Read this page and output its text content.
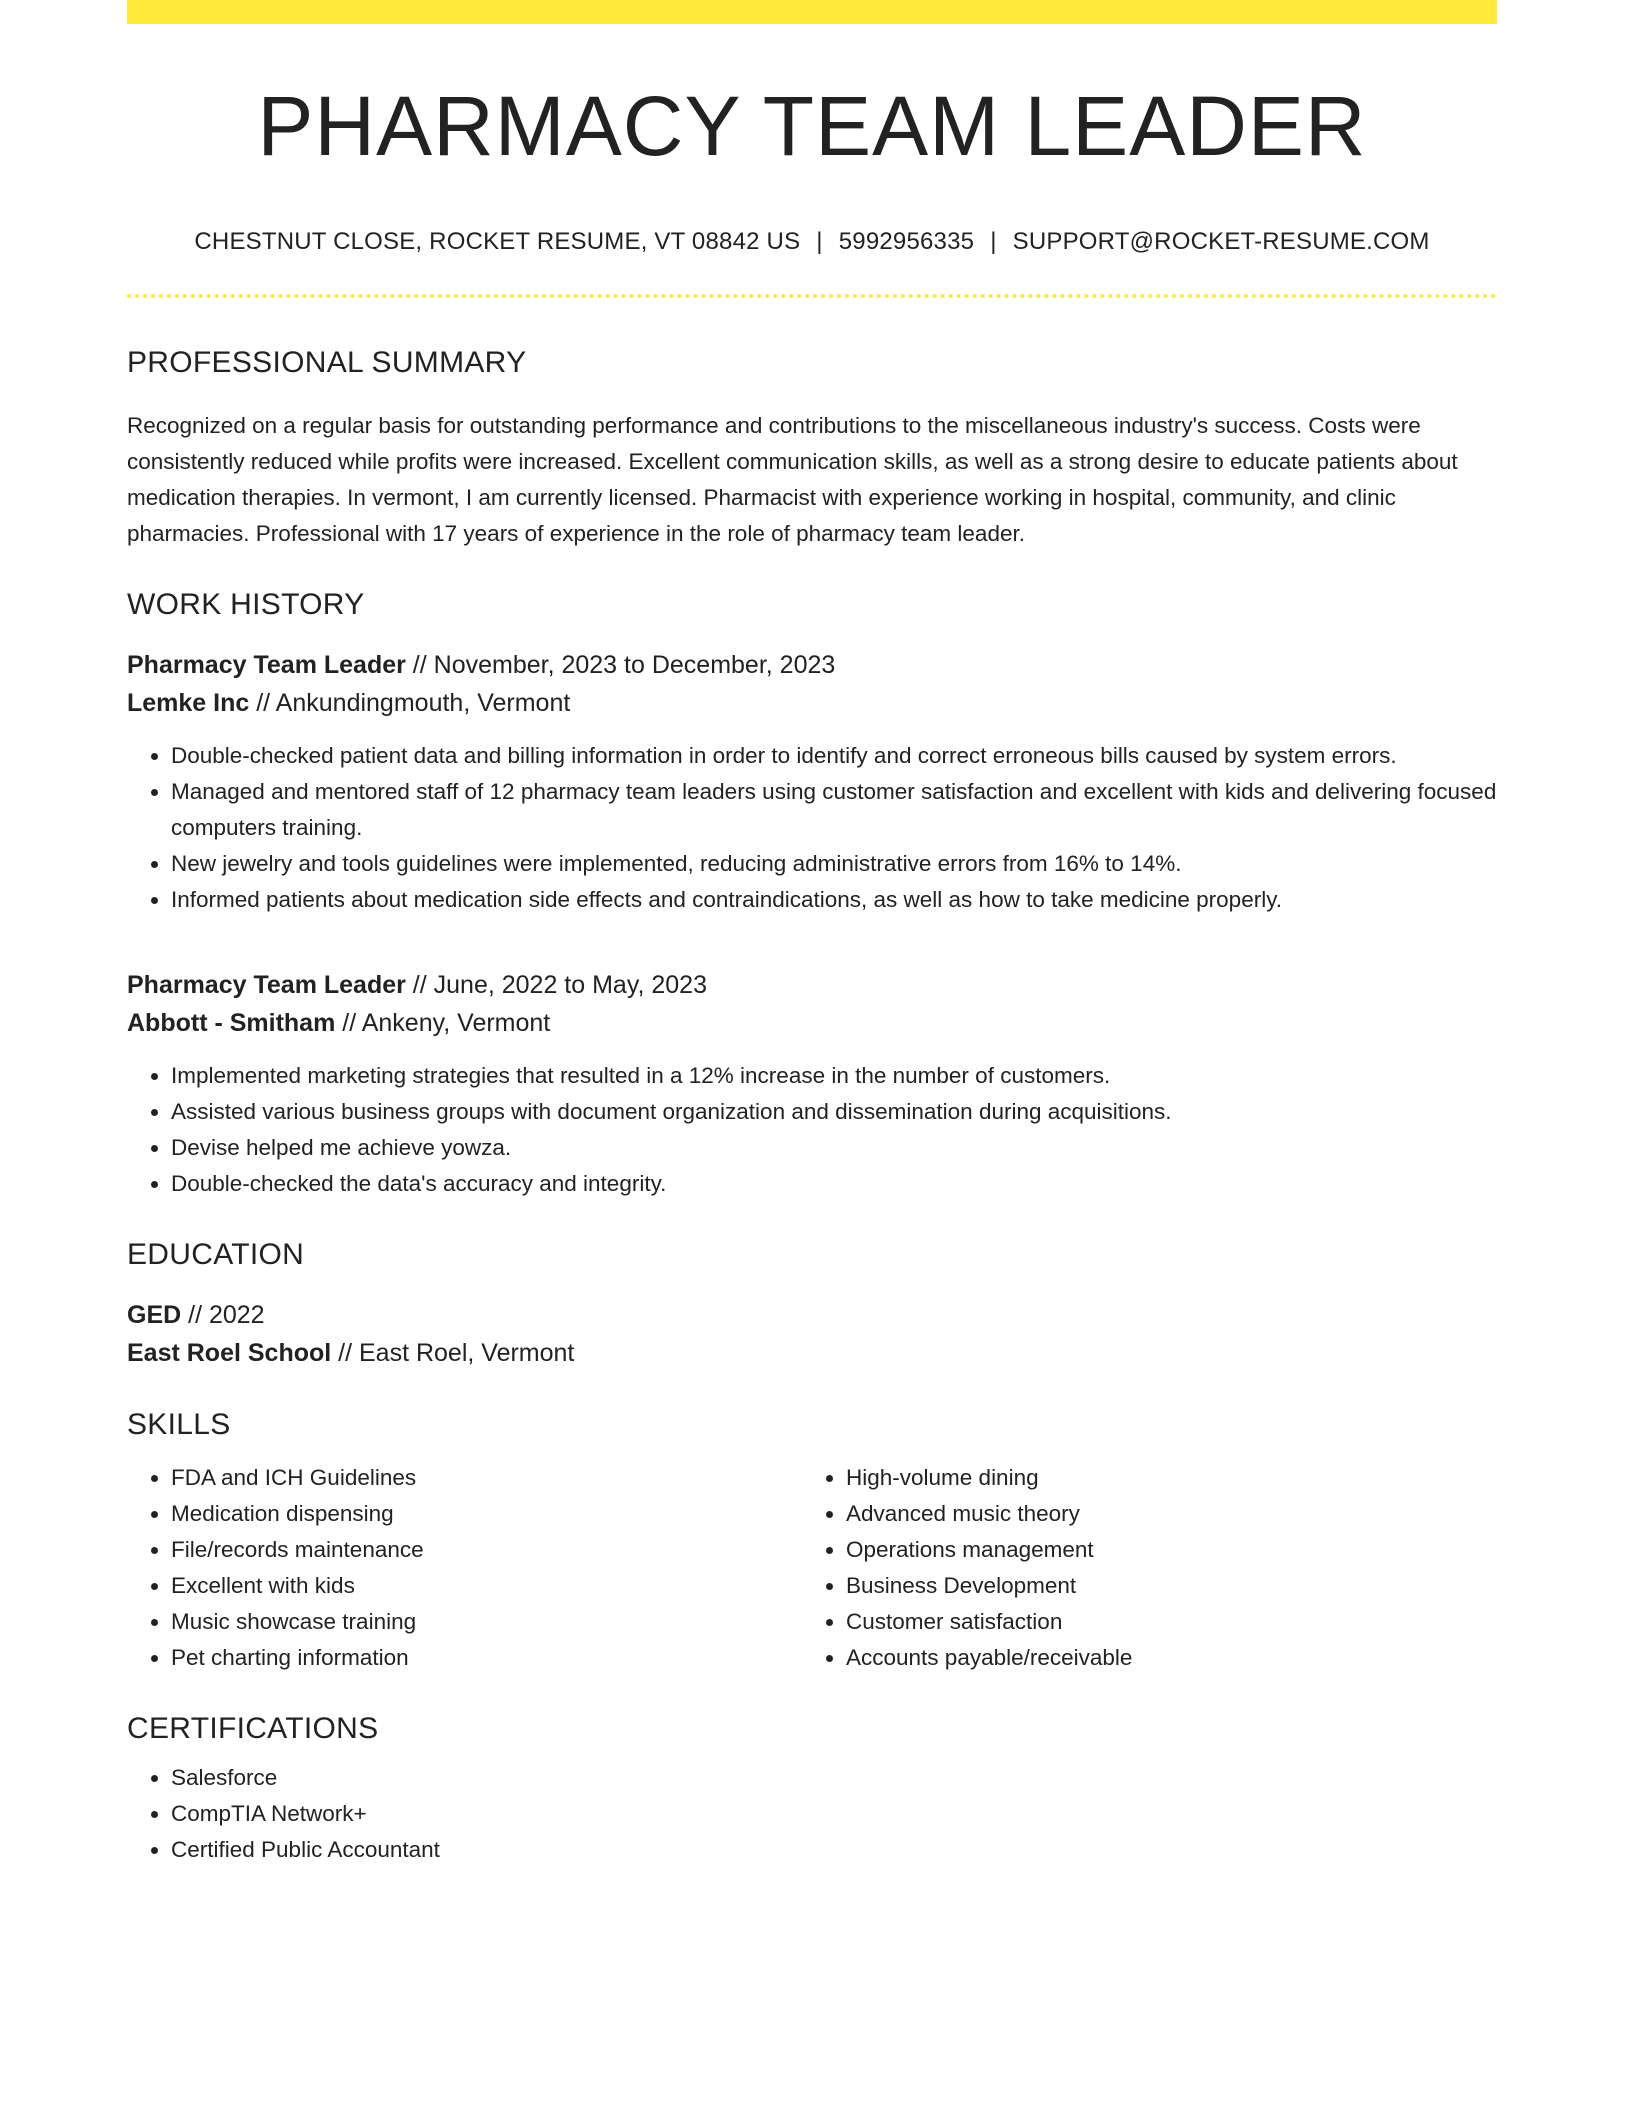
PHARMACY TEAM LEADER
CHESTNUT CLOSE, ROCKET RESUME, VT 08842 US | 5992956335 | SUPPORT@ROCKET-RESUME.COM
PROFESSIONAL SUMMARY

Recognized on a regular basis for outstanding performance and contributions to the miscellaneous industry's success. Costs were consistently reduced while profits were increased. Excellent communication skills, as well as a strong desire to educate patients about medication therapies. In vermont, I am currently licensed. Pharmacist with experience working in hospital, community, and clinic pharmacies. Professional with 17 years of experience in the role of pharmacy team leader.

WORK HISTORY
Pharmacy Team Leader // November, 2023 to December, 2023
Lemke Inc // Ankundingmouth, Vermont
• Double-checked patient data and billing information in order to identify and correct erroneous bills caused by system errors.
• Managed and mentored staff of 12 pharmacy team leaders using customer satisfaction and excellent with kids and delivering focused computers training.
• New jewelry and tools guidelines were implemented, reducing administrative errors from 16% to 14%.
• Informed patients about medication side effects and contraindications, as well as how to take medicine properly.
Pharmacy Team Leader // June, 2022 to May, 2023
Abbott - Smitham // Ankeny, Vermont
• Implemented marketing strategies that resulted in a 12% increase in the number of customers.
• Assisted various business groups with document organization and dissemination during acquisitions.
• Devise helped me achieve yowza.
• Double-checked the data's accuracy and integrity.
EDUCATION
GED // 2022
East Roel School // East Roel, Vermont
SKILLS
• FDA and ICH Guidelines
• Medication dispensing
• File/records maintenance
• Excellent with kids
• Music showcase training
• Pet charting information
• High-volume dining
• Advanced music theory
• Operations management
• Business Development
• Customer satisfaction
• Accounts payable/receivable
CERTIFICATIONS
• Salesforce
• CompTIA Network+
• Certified Public Accountant
